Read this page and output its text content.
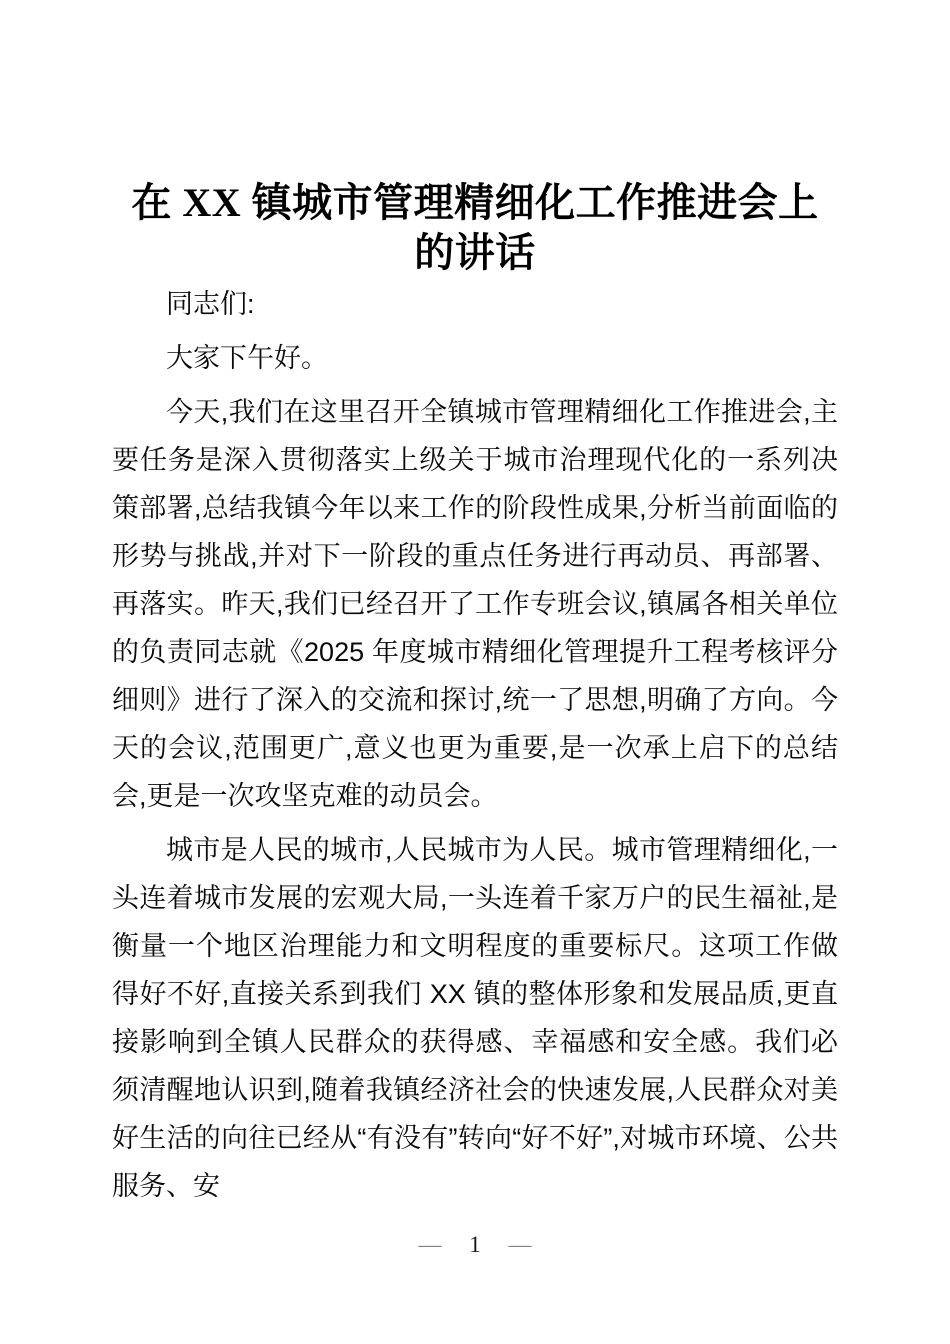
在 XX 镇城市管理精细化工作推进会上
的讲话

同志们:

大家下午好。

今天,我们在这里召开全镇城市管理精细化工作推进会,主要任务是深入贯彻落实上级关于城市治理现代化的一系列决策部署,总结我镇今年以来工作的阶段性成果,分析当前面临的形势与挑战,并对下一阶段的重点任务进行再动员、再部署、再落实。昨天,我们已经召开了工作专班会议,镇属各相关单位的负责同志就《2025 年度城市精细化管理提升工程考核评分细则》进行了深入的交流和探讨,统一了思想,明确了方向。今天的会议,范围更广,意义也更为重要,是一次承上启下的总结会,更是一次攻坚克难的动员会。

城市是人民的城市,人民城市为人民。城市管理精细化,一头连着城市发展的宏观大局,一头连着千家万户的民生福祉,是衡量一个地区治理能力和文明程度的重要标尺。这项工作做得好不好,直接关系到我们 XX 镇的整体形象和发展品质,更直接影响到全镇人民群众的获得感、幸福感和安全感。我们必须清醒地认识到,随着我镇经济社会的快速发展,人民群众对美好生活的向往已经从“有没有”转向“好不好”,对城市环境、公共服务、安

— 1 —
